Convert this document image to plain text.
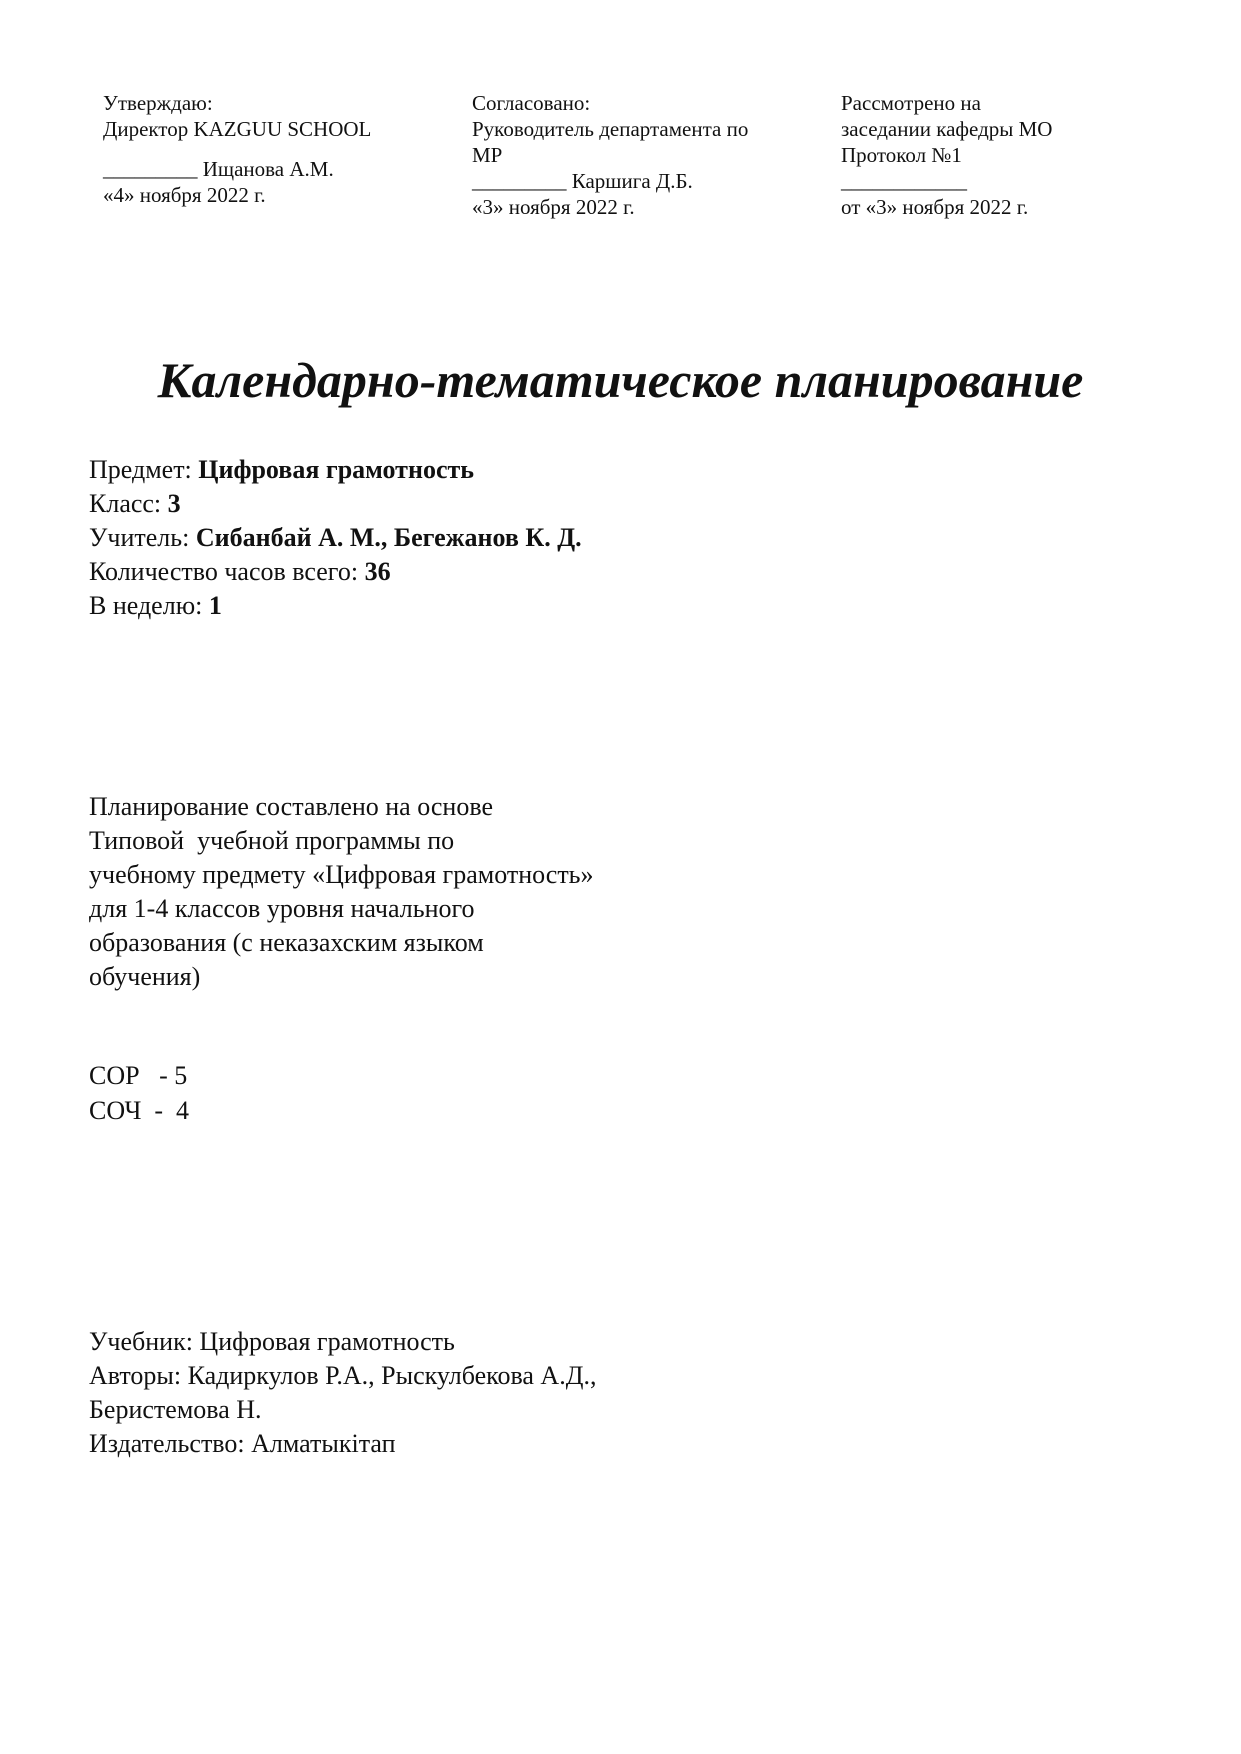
Утверждаю:
Директор KAZGUU SCHOOL
_________ Ищанова А.М.
«4» ноября 2022 г.
Согласовано:
Руководитель департамента по
МР
_________ Каршига Д.Б.
«3» ноября 2022 г.
Рассмотрено на
заседании кафедры МО
Протокол №1
____________
от «3» ноября 2022 г.
Календарно-тематическое планирование
Предмет: Цифровая грамотность
Класс: 3
Учитель: Сибанбай А. М., Бегежанов К. Д.
Количество часов всего: 36
В неделю: 1
Планирование составлено на основе
Типовой  учебной программы по
учебному предмету «Цифровая грамотность»
для 1-4 классов уровня начального
образования (с неказахским языком
обучения)
СОР   - 5
СОЧ  -  4
Учебник: Цифровая грамотность
Авторы: Кадиркулов Р.А., Рыскулбекова А.Д.,
Беристемова Н.
Издательство: Алматыкітап
